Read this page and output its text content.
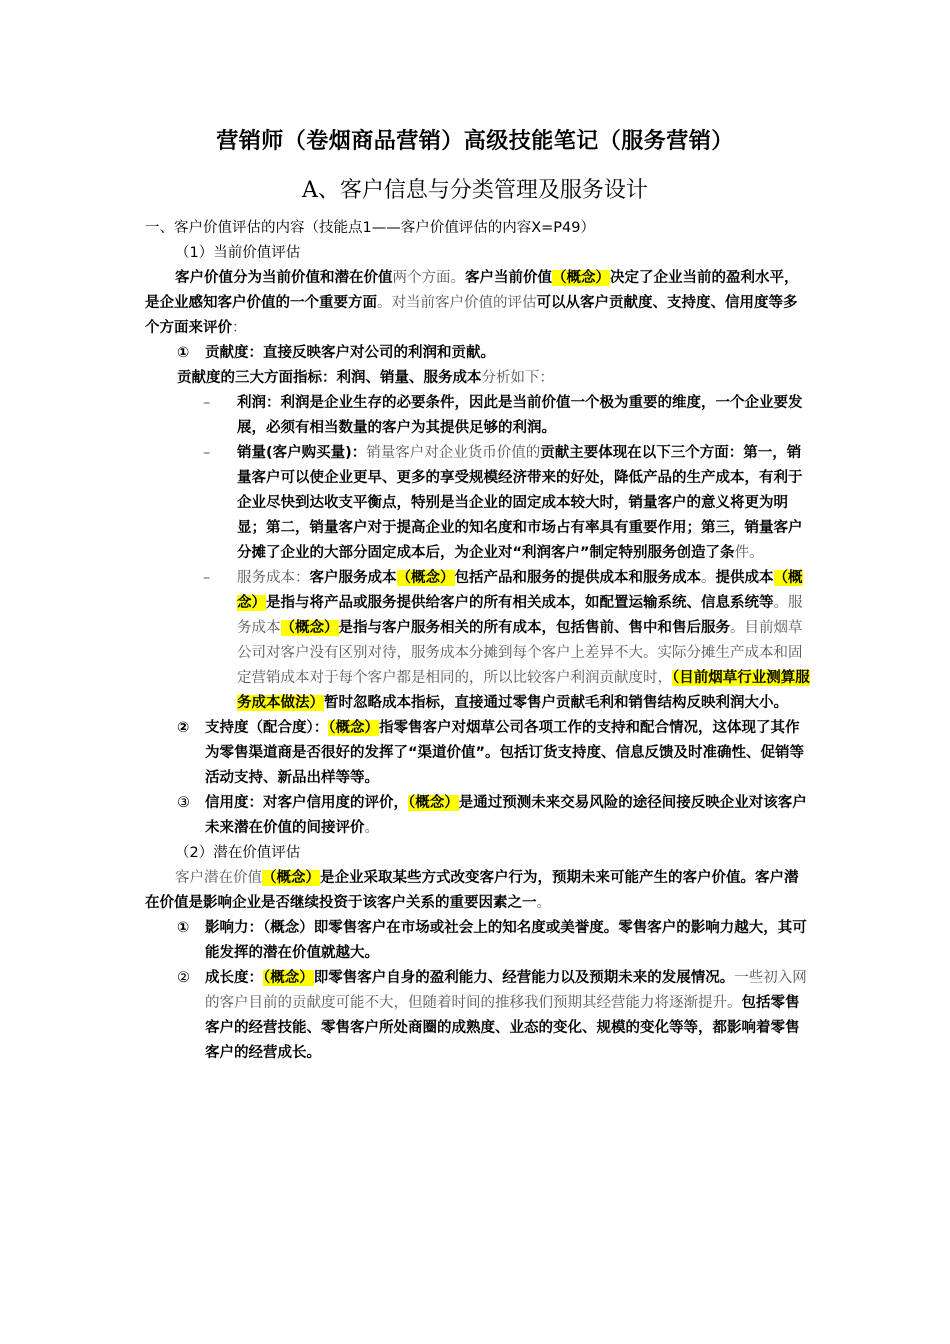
营销师（卷烟商品营销）高级技能笔记（服务营销）
A、客户信息与分类管理及服务设计

一、客户价值评估的内容（技能点1——客户价值评估的内容X=P49）

（1）当前价值评估

客户价值分为当前价值和潜在价值两个方面。客户当前价值（概念）决定了企业当前的盈利水平，是企业感知客户价值的一个重要方面。对当前客户价值的评估可以从客户贡献度、支持度、信用度等多个方面来评价：

①	贡献度：直接反映客户对公司的利润和贡献。

贡献度的三大方面指标：利润、销量、服务成本分析如下：

–	利润：利润是企业生存的必要条件，因此是当前价值一个极为重要的维度，一个企业要发展，必须有相当数量的客户为其提供足够的利润。
–	销量(客户购买量)：销量客户对企业货币价值的贡献主要体现在以下三个方面：第一，销量客户可以使企业更早、更多的享受规模经济带来的好处，降低产品的生产成本，有利于企业尽快到达收支平衡点，特别是当企业的固定成本较大时，销量客户的意义将更为明显；第二，销量客户对于提高企业的知名度和市场占有率具有重要作用；第三，销量客户分摊了企业的大部分固定成本后，为企业对“利润客户”制定特别服务创造了条件。
–	服务成本：客户服务成本（概念）包括产品和服务的提供成本和服务成本。提供成本（概念）是指与将产品或服务提供给客户的所有相关成本，如配置运输系统、信息系统等。服务成本（概念）是指与客户服务相关的所有成本，包括售前、售中和售后服务。目前烟草公司对客户没有区别对待，服务成本分摊到每个客户上差异不大。实际分摊生产成本和固定营销成本对于每个客户都是相同的，所以比较客户利润贡献度时，（目前烟草行业测算服务成本做法）暂时忽略成本指标，直接通过零售户贡献毛利和销售结构反映利润大小。
②	支持度（配合度）：（概念）指零售客户对烟草公司各项工作的支持和配合情况，这体现了其作为零售渠道商是否很好的发挥了“渠道价值”。包括订货支持度、信息反馈及时准确性、促销等活动支持、新品出样等等。
③	信用度：对客户信用度的评价，（概念）是通过预测未来交易风险的途径间接反映企业对该客户未来潜在价值的间接评价。

（2）潜在价值评估

客户潜在价值（概念）是企业采取某些方式改变客户行为，预期未来可能产生的客户价值。客户潜在价值是影响企业是否继续投资于该客户关系的重要因素之一。

①	影响力：（概念）即零售客户在市场或社会上的知名度或美誉度。零售客户的影响力越大，其可能发挥的潜在价值就越大。
②	成长度：（概念）即零售客户自身的盈利能力、经营能力以及预期未来的发展情况。一些初入网的客户目前的贡献度可能不大，但随着时间的推移我们预期其经营能力将逐渐提升。包括零售客户的经营技能、零售客户所处商圈的成熟度、业态的变化、规模的变化等等，都影响着零售客户的经营成长。
